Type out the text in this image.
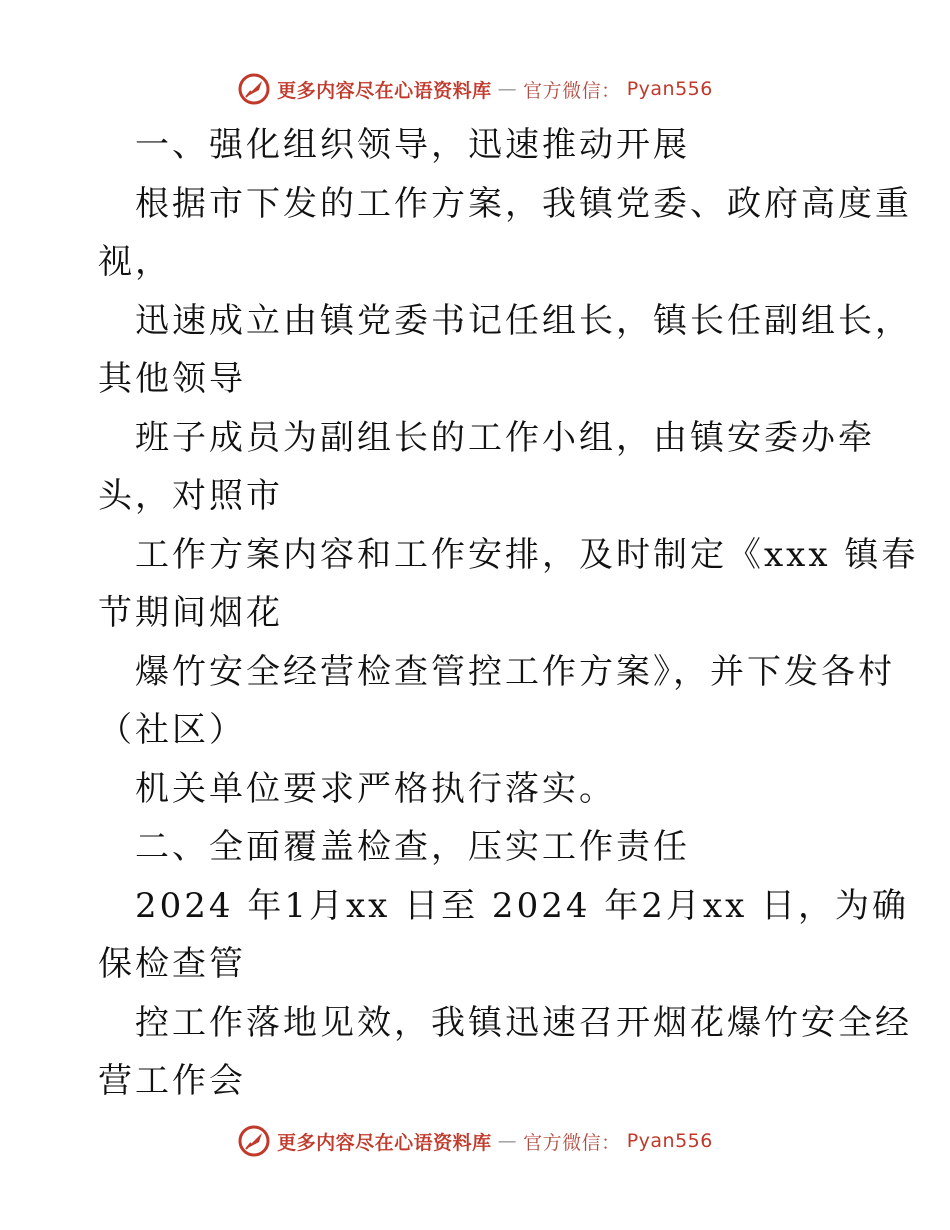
更多内容尽在心语资料库 — 官方微信： Pyan556
一、强化组织领导，迅速推动开展
根据市下发的工作方案，我镇党委、政府高度重
视，
迅速成立由镇党委书记任组长，镇长任副组长，
其他领导
班子成员为副组长的工作小组，由镇安委办牵
头，对照市
工作方案内容和工作安排，及时制定《xxx 镇春
节期间烟花
爆竹安全经营检查管控工作方案》，并下发各村
（社区）
机关单位要求严格执行落实。
二、全面覆盖检查，压实工作责任
2024 年1月xx 日至 2024 年2月xx 日，为确
保检查管
控工作落地见效，我镇迅速召开烟花爆竹安全经
营工作会
更多内容尽在心语资料库 — 官方微信： Pyan556
